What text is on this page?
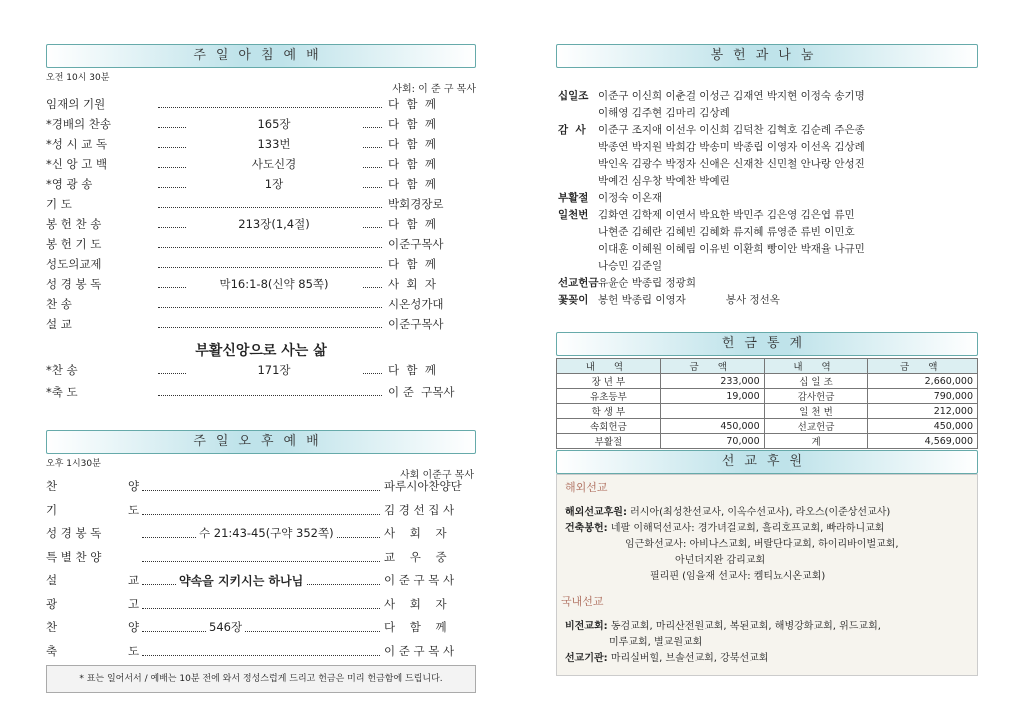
주일아침예배
오전 10시 30분
사회: 이 준 구 목사
임재의 기원	다  함  께
*경배의 찬송	165장	다  함  께
*성 시 교 독	133번	다  함  께
*신 앙 고 백	사도신경	다  함  께
*영 광 송	1장	다  함  께
기 도	박회경장로
봉 헌 찬 송	213장(1,4절)	다  함  께
봉 헌 기 도	이준구목사
성도의교제	다  함  께
성 경 봉 독	막16:1-8(신약 85쪽)	사  회  자
찬 송	시온성가대
설 교	이준구목사
부활신앙으로 사는 삶
*찬 송	171장	다  함  께
*축 도	이 준  구목사
주일오후예배
오후 1시30분
사회 이준구 목사
찬	양	파루시아찬양단
기	도	김 경 선 집 사
성 경 봉 독	수 21:43-45(구약 352쪽)	사    회    자
특 별 찬 양	교    우    중
설	교	약속을 지키시는 하나님	이 준 구 목 사
광	고	사    회    자
찬	양	546장	다    함    께
축	도	이 준 구 목 사
* 표는 일어서서 / 예배는 10분 전에 와서 정성스럽게 드리고 헌금은 미리 헌금함에 드립니다.
봉헌과나눔
십일조 이준구 이신희 이춘걸 이성근 김재연 박지현 이정숙 송기명
이해영 김주현 김마리 김상례
감  사 이준구 조지애 이선우 이신희 김덕찬 김혁호 김순례 주은종
박종연 박지원 박희감 박송미 박종립 이영자 이선옥 김상례
박인옥 김광수 박정자 신애은 신재찬 신민철 안나랑 안성진
박예건 심우창 박예찬 박예린
부활절 이정숙 이온재
일천번 김화연 김학제 이연서 박요한 박민주 김은영 김은엽 류민
나현준 김혜란 김혜빈 김혜화 류지혜 류영준 류빈 이민호
이대훈 이혜원 이혜림 이유빈 이환희 빵이안 박재율 나규민
나승민 김준일
선교헌금유윤순 박종립 정광희
꽃꽂이 봉헌 박종립 이영자            봉사 정선옥
헌금통계
내 역	금 액	내 역	금 액
장 년 부	233,000	십 일 조	2,660,000
유초등부	19,000	감사헌금	790,000
학 생 부		일 천 번	212,000
속회헌금	450,000	선교헌금	450,000
부활절	70,000	계	4,569,000
선교후원
해외선교
해외선교후원: 러시아(최성찬선교사, 이옥수선교사), 라오스(이준상선교사)
건축봉헌: 네팔 이해덕선교사: 경가녀걸교회, 흘리호프교회, 빠라하니교회
임근화선교사: 아비나스교회, 버랄단다교회, 하이리바이벌교회,
아넌더지완 감리교회
필리핀 (임을재 선교사: 켐티뇨시온교회)
국내선교
비전교회: 동검교회, 마리산전원교회, 복된교회, 해병강화교회, 위드교회,
미루교회, 별교원교회
선교기관: 마리실버힐, 브솔선교회, 강북선교회
